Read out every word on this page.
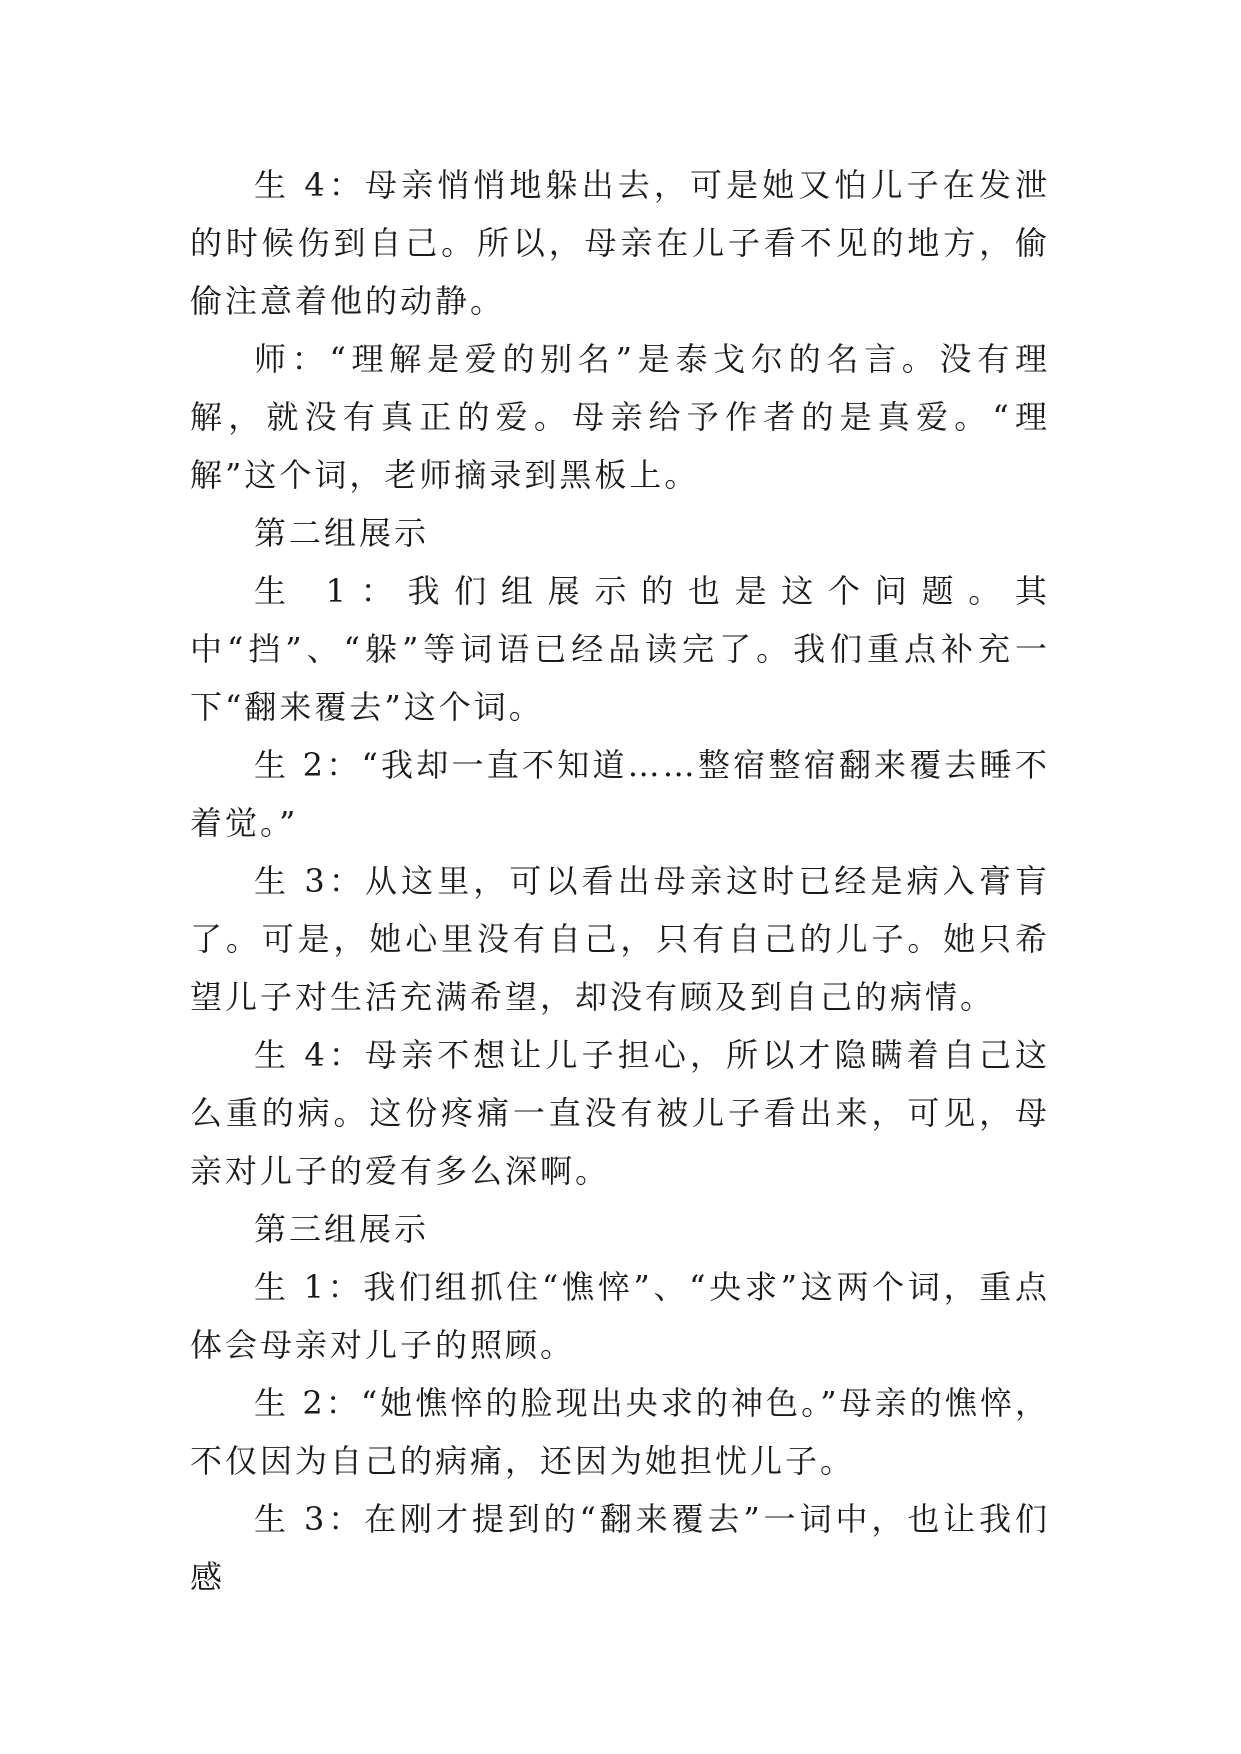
生 4：母亲悄悄地躲出去，可是她又怕儿子在发泄的时候伤到自己。所以，母亲在儿子看不见的地方，偷偷注意着他的动静。

师：“理解是爱的别名”是泰戈尔的名言。没有理解，就没有真正的爱。母亲给予作者的是真爱。“理解”这个词，老师摘录到黑板上。

第二组展示

生 1：我们组展示的也是这个问题。其中“挡”、“躲”等词语已经品读完了。我们重点补充一下“翻来覆去”这个词。

生 2：“我却一直不知道……整宿整宿翻来覆去睡不着觉。”

生 3：从这里，可以看出母亲这时已经是病入膏肓了。可是，她心里没有自己，只有自己的儿子。她只希望儿子对生活充满希望，却没有顾及到自己的病情。

生 4：母亲不想让儿子担心，所以才隐瞒着自己这么重的病。这份疼痛一直没有被儿子看出来，可见，母亲对儿子的爱有多么深啊。

第三组展示

生 1：我们组抓住“憔悴”、“央求”这两个词，重点体会母亲对儿子的照顾。

生 2：“她憔悴的脸现出央求的神色。”母亲的憔悴，不仅因为自己的病痛，还因为她担忧儿子。

生 3：在刚才提到的“翻来覆去”一词中，也让我们感
